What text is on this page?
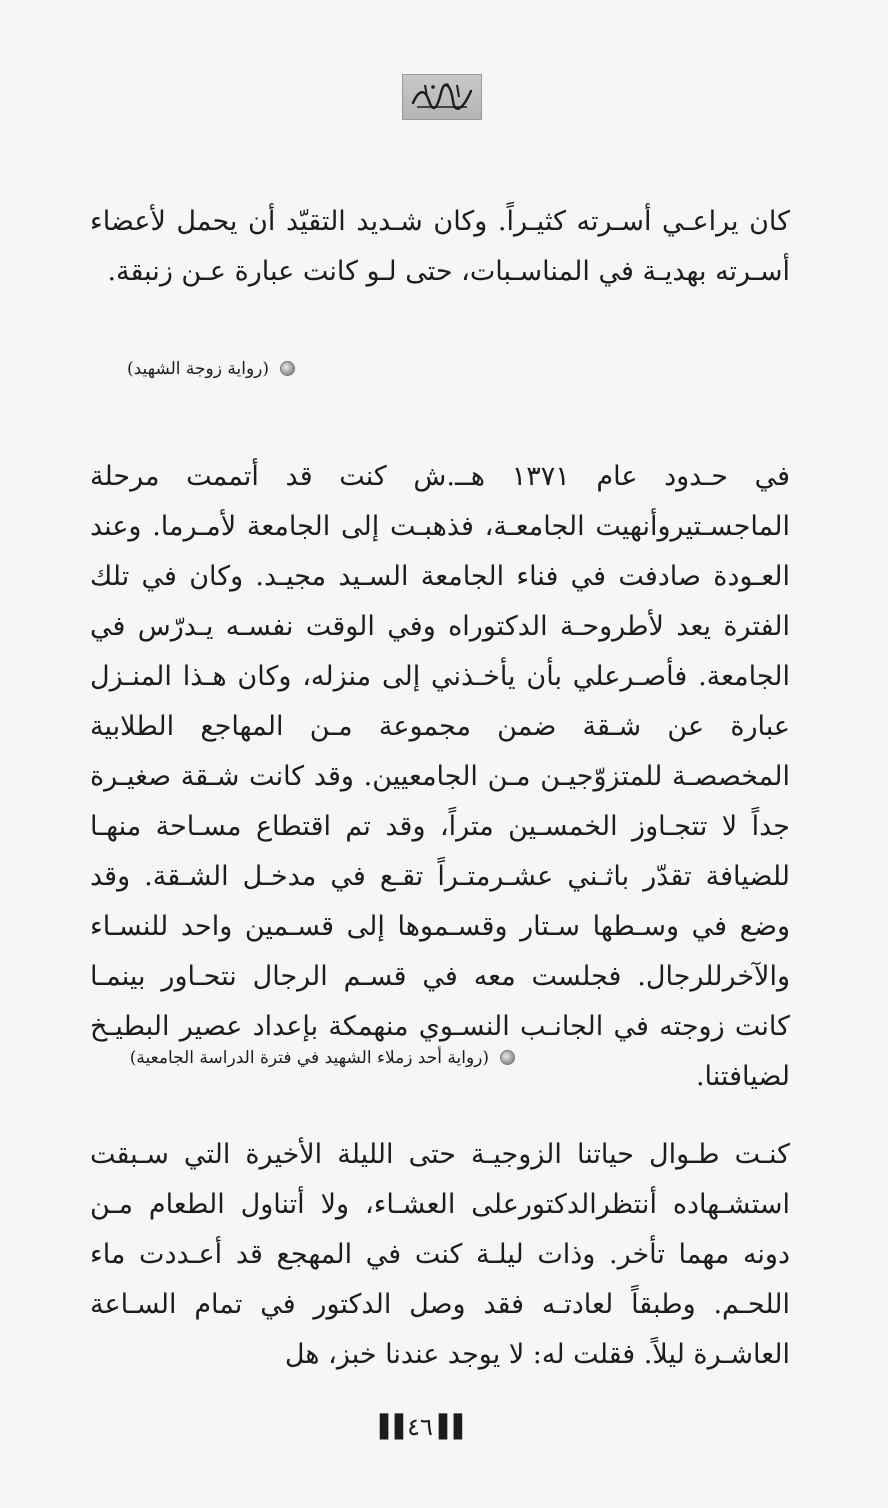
كان يراعـي أسـرته كثيـراً. وكان شـديد التقيّد أن يحمل لأعضاء أسـرته بهديـة في المناسـبات، حتى لـو كانت عبارة عـن زنبقة.

(رواية زوجة الشهيد)

في حـدود عام ١٣٧١ هــ.ش كنت قد أتممت مرحلة الماجسـتيروأنهيت الجامعـة، فذهبـت إلى الجامعة لأمـرما. وعند العـودة صادفت في فناء الجامعة السـيد مجيـد. وكان في تلك الفترة يعد لأطروحـة الدكتوراه وفي الوقت نفسـه يـدرّس في الجامعة. فأصـرعلي بأن يأخـذني إلى منزله، وكان هـذا المنـزل عبارة عن شـقة ضمن مجموعة مـن المهاجع الطلابية المخصصـة للمتزوّجيـن مـن الجامعيين. وقد كانت شـقة صغيـرة جداً لا تتجـاوز الخمسـين متراً، وقد تم اقتطاع مسـاحة منهـا للضيافة تقدّر باثـني عشـرمتـراً تقـع في مدخـل الشـقة. وقد وضع في وسـطها سـتار وقسـموها إلى قسـمين واحد للنسـاء والآخرللرجال. فجلست معه في قسـم الرجال نتحـاور بينمـا كانت زوجته في الجانـب النسـوي منهمكة بإعداد عصير البطيـخ لضيافتنا.

(رواية أحد زملاء الشهيد في فترة الدراسة الجامعية)

كنـت طـوال حياتنا الزوجيـة حتى الليلة الأخيرة التي سـبقت استشـهاده أنتظرالدكتورعلى العشـاء، ولا أتناول الطعام مـن دونه مهما تأخر. وذات ليلـة كنت في المهجع قد أعـددت ماء اللحـم. وطبقاً لعادتـه فقد وصل الدكتور في تمام السـاعة العاشـرة ليلاً. فقلت له: لا يوجد عندنا خبز، هل

▌▌
٤٦
▐▐
